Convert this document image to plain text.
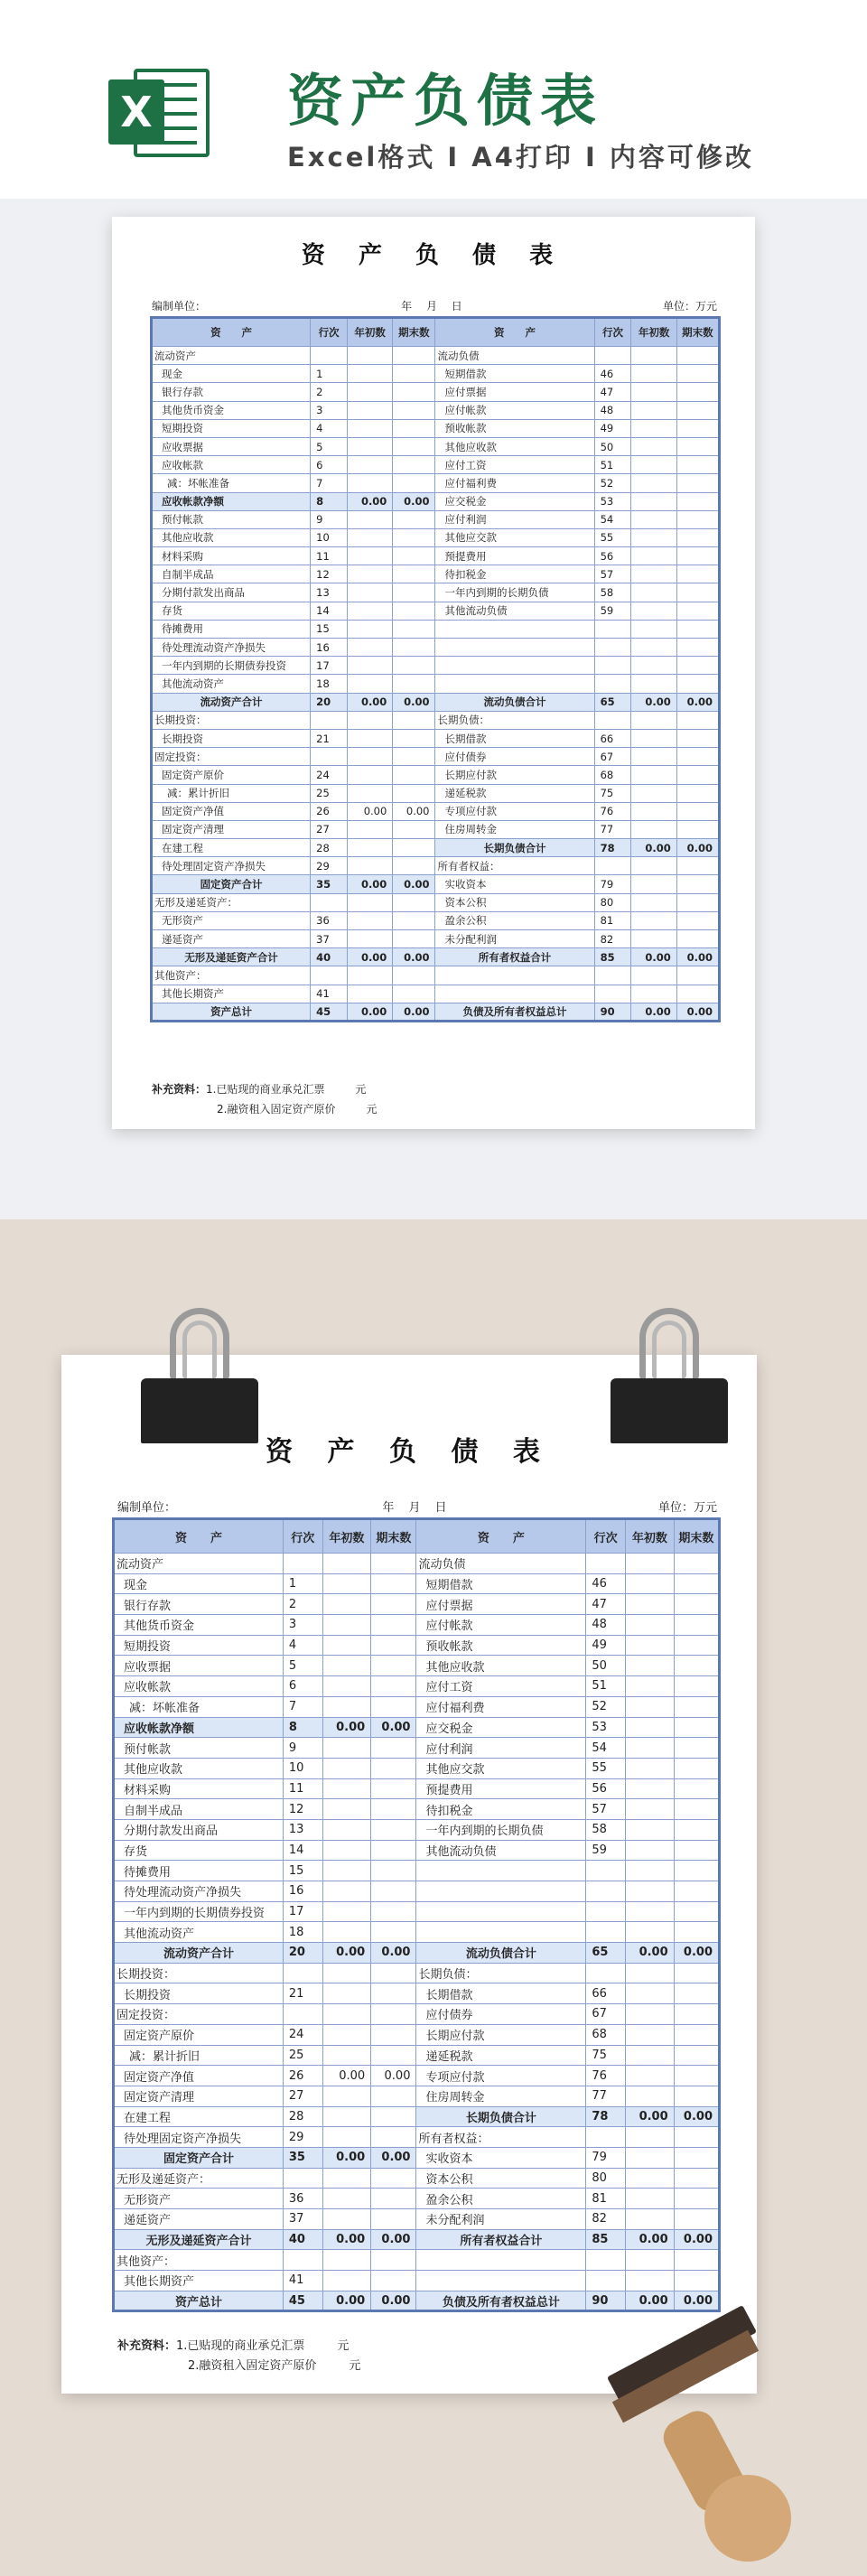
X 资产负债表
Excel格式 I A4打印 I 内容可修改
资 产 负 债 表
编制单位：	年 月 日	单位：万元
资　　产	行次	年初数	期末数	资　　产	行次	年初数	期末数
流动资产				流动负债			
现金	1			短期借款	46		
银行存款	2			应付票据	47		
其他货币资金	3			应付帐款	48		
短期投资	4			预收帐款	49		
应收票据	5			其他应收款	50		
应收帐款	6			应付工资	51		
减：坏帐准备	7			应付福利费	52		
应收帐款净额	8	0.00	0.00	应交税金	53		
预付帐款	9			应付利润	54		
其他应收款	10			其他应交款	55		
材料采购	11			预提费用	56		
自制半成品	12			待扣税金	57		
分期付款发出商品	13			一年内到期的长期负债	58		
存货	14			其他流动负债	59		
待摊费用	15						
待处理流动资产净损失	16						
一年内到期的长期债券投资	17						
其他流动资产	18						
流动资产合计	20	0.00	0.00	流动负债合计	65	0.00	0.00
长期投资：				长期负债：			
长期投资	21			长期借款	66		
固定投资：				应付债券	67		
固定资产原价	24			长期应付款	68		
减：累计折旧	25			递延税款	75		
固定资产净值	26	0.00	0.00	专项应付款	76		
固定资产清理	27			住房周转金	77		
在建工程	28			长期负债合计	78	0.00	0.00
待处理固定资产净损失	29			所有者权益：			
固定资产合计	35	0.00	0.00	实收资本	79		
无形及递延资产：				资本公积	80		
无形资产	36			盈余公积	81		
递延资产	37			未分配利润	82		
无形及递延资产合计	40	0.00	0.00	所有者权益合计	85	0.00	0.00
其他资产：							
其他长期资产	41						
资产总计	45	0.00	0.00	负债及所有者权益总计	90	0.00	0.00
补充资料： 1.已贴现的商业承兑汇票	元
2.融资租入固定资产原价	元
资 产 负 债 表
编制单位：	年 月 日	单位：万元
资　　产	行次	年初数	期末数	资　　产	行次	年初数	期末数
流动资产				流动负债			
现金	1			短期借款	46		
银行存款	2			应付票据	47		
其他货币资金	3			应付帐款	48		
短期投资	4			预收帐款	49		
应收票据	5			其他应收款	50		
应收帐款	6			应付工资	51		
减：坏帐准备	7			应付福利费	52		
应收帐款净额	8	0.00	0.00	应交税金	53		
预付帐款	9			应付利润	54		
其他应收款	10			其他应交款	55		
材料采购	11			预提费用	56		
自制半成品	12			待扣税金	57		
分期付款发出商品	13			一年内到期的长期负债	58		
存货	14			其他流动负债	59		
待摊费用	15						
待处理流动资产净损失	16						
一年内到期的长期债券投资	17						
其他流动资产	18						
流动资产合计	20	0.00	0.00	流动负债合计	65	0.00	0.00
长期投资：				长期负债：			
长期投资	21			长期借款	66		
固定投资：				应付债券	67		
固定资产原价	24			长期应付款	68		
减：累计折旧	25			递延税款	75		
固定资产净值	26	0.00	0.00	专项应付款	76		
固定资产清理	27			住房周转金	77		
在建工程	28			长期负债合计	78	0.00	0.00
待处理固定资产净损失	29			所有者权益：			
固定资产合计	35	0.00	0.00	实收资本	79		
无形及递延资产：				资本公积	80		
无形资产	36			盈余公积	81		
递延资产	37			未分配利润	82		
无形及递延资产合计	40	0.00	0.00	所有者权益合计	85	0.00	0.00
其他资产：							
其他长期资产	41						
资产总计	45	0.00	0.00	负债及所有者权益总计	90	0.00	0.00
补充资料： 1.已贴现的商业承兑汇票	元
2.融资租入固定资产原价	元
